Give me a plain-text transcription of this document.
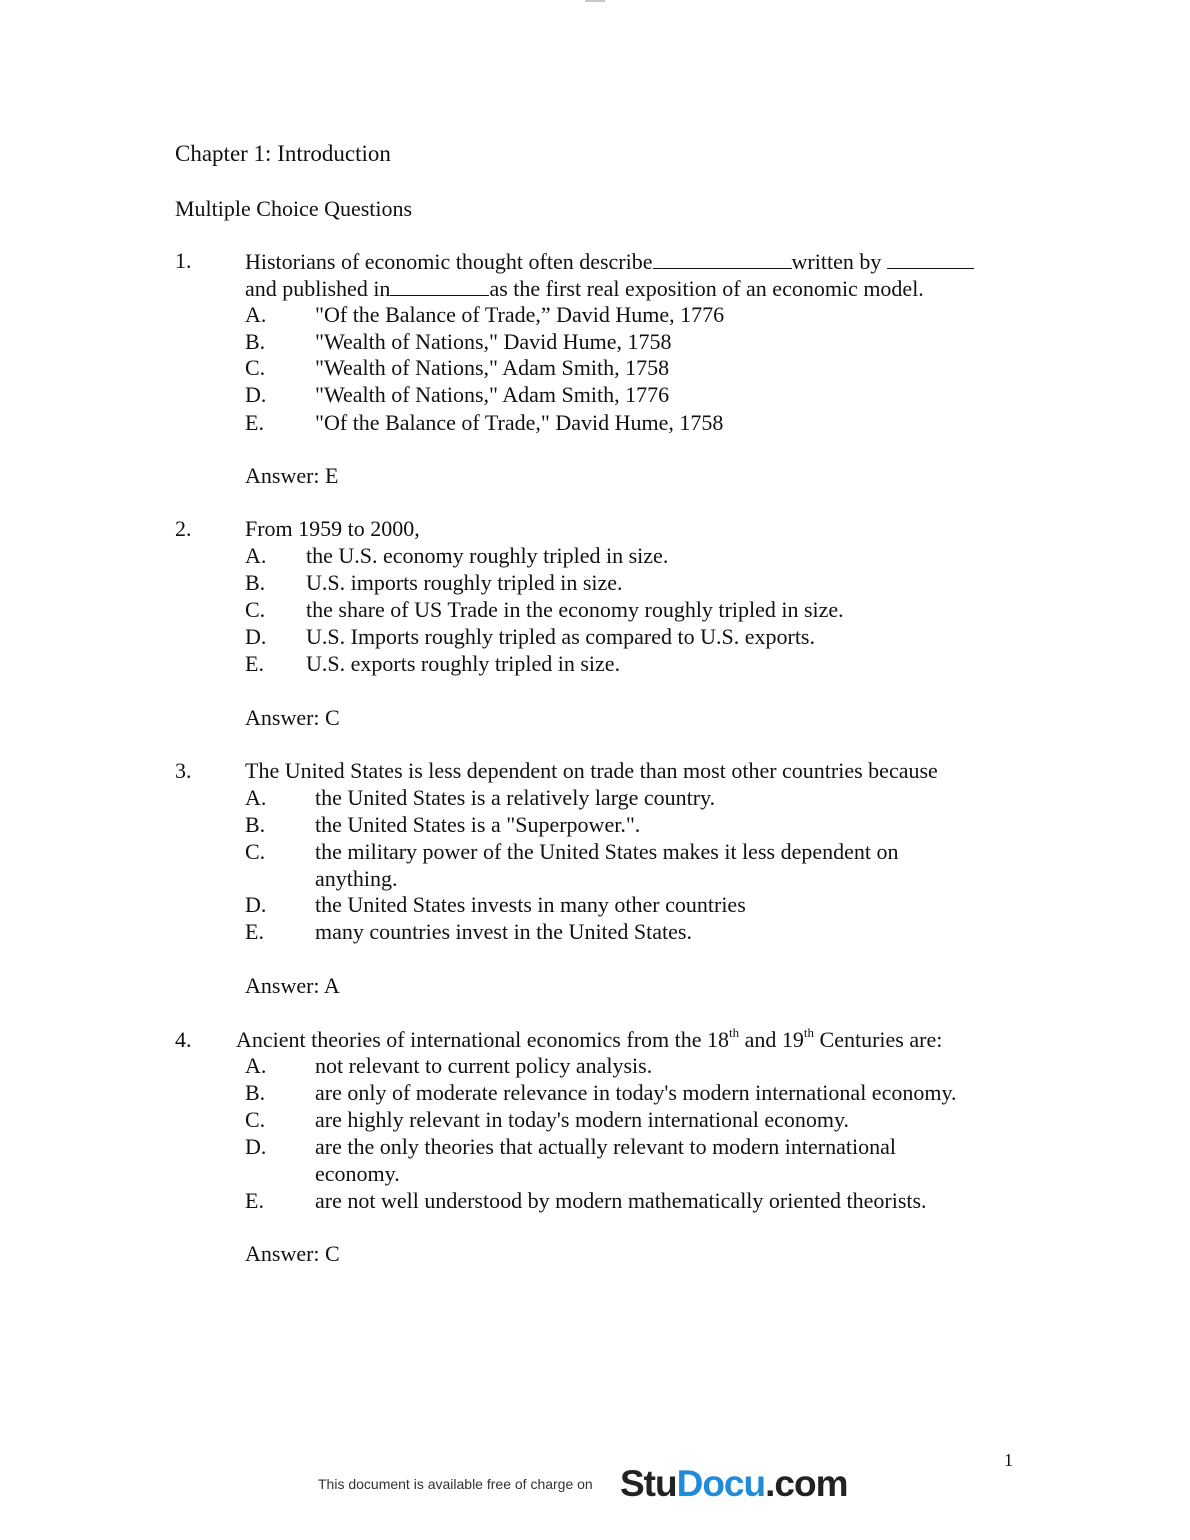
Chapter 1: Introduction
Multiple Choice Questions
1. Historians of economic thought often describe	written by
and published in	as the first real exposition of an economic model.
A. "Of the Balance of Trade,” David Hume, 1776
B. "Wealth of Nations," David Hume, 1758
C. "Wealth of Nations," Adam Smith, 1758
D. "Wealth of Nations," Adam Smith, 1776
E. "Of the Balance of Trade," David Hume, 1758
Answer: E
2. From 1959 to 2000,
A. the U.S. economy roughly tripled in size.
B. U.S. imports roughly tripled in size.
C. the share of US Trade in the economy roughly tripled in size.
D. U.S. Imports roughly tripled as compared to U.S. exports.
E. U.S. exports roughly tripled in size.
Answer: C
3. The United States is less dependent on trade than most other countries because
A. the United States is a relatively large country.
B. the United States is a "Superpower.".
C. the military power of the United States makes it less dependent on
anything.
D. the United States invests in many other countries
E. many countries invest in the United States.
Answer: A
4. Ancient theories of international economics from the 18th and 19th Centuries are:
A. not relevant to current policy analysis.
B. are only of moderate relevance in today's modern international economy.
C. are highly relevant in today's modern international economy.
D. are the only theories that actually relevant to modern international
economy.
E. are not well understood by modern mathematically oriented theorists.
Answer: C
1
This document is available free of charge on StuDocu.com
